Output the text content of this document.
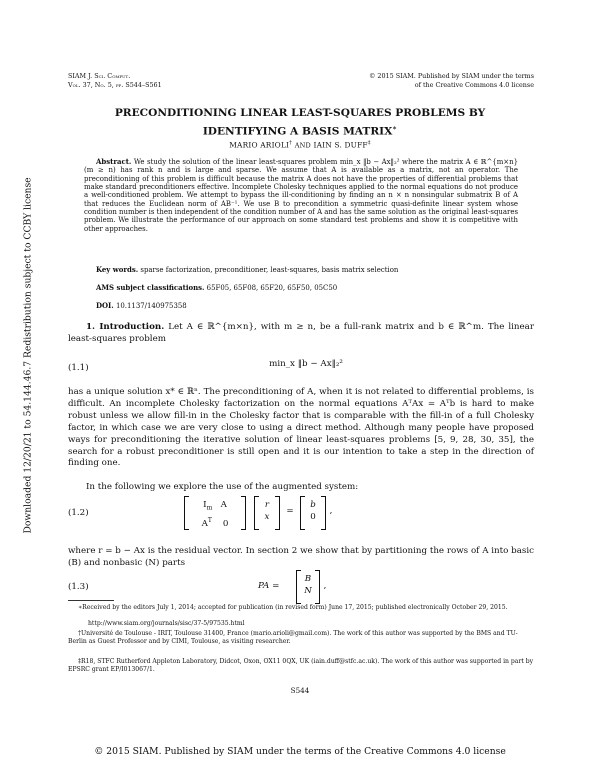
Downloaded 12/20/21 to 54.144.46.7 Redistribution subject to CCBY license
SIAM J. Sci. Comput.
Vol. 37, No. 5, pp. S544–S561
© 2015 SIAM. Published by SIAM under the terms
of the Creative Commons 4.0 license
PRECONDITIONING LINEAR LEAST-SQUARES PROBLEMS BY
IDENTIFYING A BASIS MATRIX∗
MARIO ARIOLI† AND IAIN S. DUFF‡
Abstract. We study the solution of the linear least-squares problem min_x ‖b − Ax‖₂² where the matrix A ∈ ℝ^{m×n} (m ≥ n) has rank n and is large and sparse. We assume that A is available as a matrix, not an operator. The preconditioning of this problem is difficult because the matrix A does not have the properties of differential problems that make standard preconditioners effective. Incomplete Cholesky techniques applied to the normal equations do not produce a well-conditioned problem. We attempt to bypass the ill-conditioning by finding an n × n nonsingular submatrix B of A that reduces the Euclidean norm of AB⁻¹. We use B to precondition a symmetric quasi-definite linear system whose condition number is then independent of the condition number of A and has the same solution as the original least-squares problem. We illustrate the performance of our approach on some standard test problems and show it is competitive with other approaches.
Key words. sparse factorization, preconditioner, least-squares, basis matrix selection
AMS subject classifications. 65F05, 65F08, 65F20, 65F50, 05C50
DOI. 10.1137/140975358
1. Introduction. Let A ∈ ℝ^{m×n}, with m ≥ n, be a full-rank matrix and b ∈ ℝ^m. The linear least-squares problem
(1.1)	min_x ‖b − Ax‖₂²
has a unique solution x* ∈ ℝⁿ. The preconditioning of A, when it is not related to differential problems, is difficult. An incomplete Cholesky factorization on the normal equations AᵀAx = Aᵀb is hard to make robust unless we allow fill-in in the Cholesky factor that is comparable with the fill-in of a full Cholesky factor, in which case we are very close to using a direct method. Although many people have proposed ways for preconditioning the iterative solution of linear least-squares problems [5, 9, 28, 30, 35], the search for a robust preconditioner is still open and it is our intention to take a step in the direction of finding one.
In the following we explore the use of the augmented system:
(1.2)
$I_m$   A
$A^T$    0
r
x
=
b
0
,
where r = b − Ax is the residual vector. In section 2 we show that by partitioning the rows of A into basic (B) and nonbasic (N) parts
(1.3)	PA =
B
N	,
∗Received by the editors July 1, 2014; accepted for publication (in revised form) June 17, 2015; published electronically October 29, 2015.
http://www.siam.org/journals/sisc/37-5/97535.html
†Université de Toulouse - IRIT, Toulouse 31400, France (mario.arioli@gmail.com). The work of this author was supported by the BMS and TU-Berlin as Guest Professor and by CIMI, Toulouse, as visiting researcher.
‡R18, STFC Rutherford Appleton Laboratory, Didcot, Oxon, OX11 0QX, UK (iain.duff@stfc.ac.uk). The work of this author was supported in part by EPSRC grant EP/I013067/1.
S544
© 2015 SIAM. Published by SIAM under the terms of the Creative Commons 4.0 license
